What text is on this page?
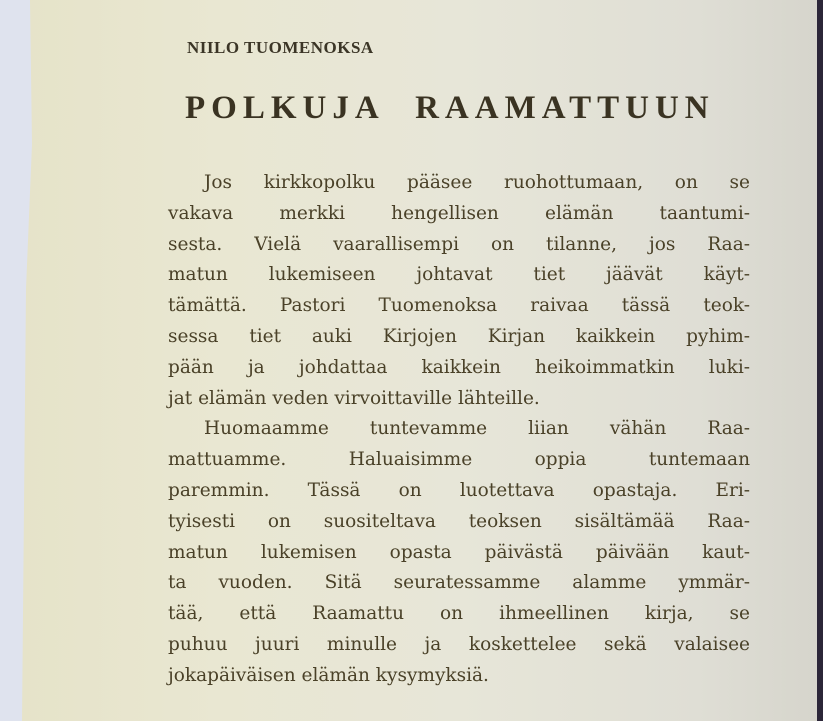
NIILO TUOMENOKSA
POLKUJA RAAMATTUUN
Jos kirkkopolku pääsee ruohottumaan, on se
vakava merkki hengellisen elämän taantumi-
sesta. Vielä vaarallisempi on tilanne, jos Raa-
matun lukemiseen johtavat tiet jäävät käyt-
tämättä. Pastori Tuomenoksa raivaa tässä teok-
sessa tiet auki Kirjojen Kirjan kaikkein pyhim-
pään ja johdattaa kaikkein heikoimmatkin luki-
jat elämän veden virvoittaville lähteille.
Huomaamme tuntevamme liian vähän Raa-
mattuamme. Haluaisimme oppia tuntemaan
paremmin. Tässä on luotettava opastaja. Eri-
tyisesti on suositeltava teoksen sisältämää Raa-
matun lukemisen opasta päivästä päivään kaut-
ta vuoden. Sitä seuratessamme alamme ymmär-
tää, että Raamattu on ihmeellinen kirja, se
puhuu juuri minulle ja koskettelee sekä valaisee
jokapäiväisen elämän kysymyksiä.
